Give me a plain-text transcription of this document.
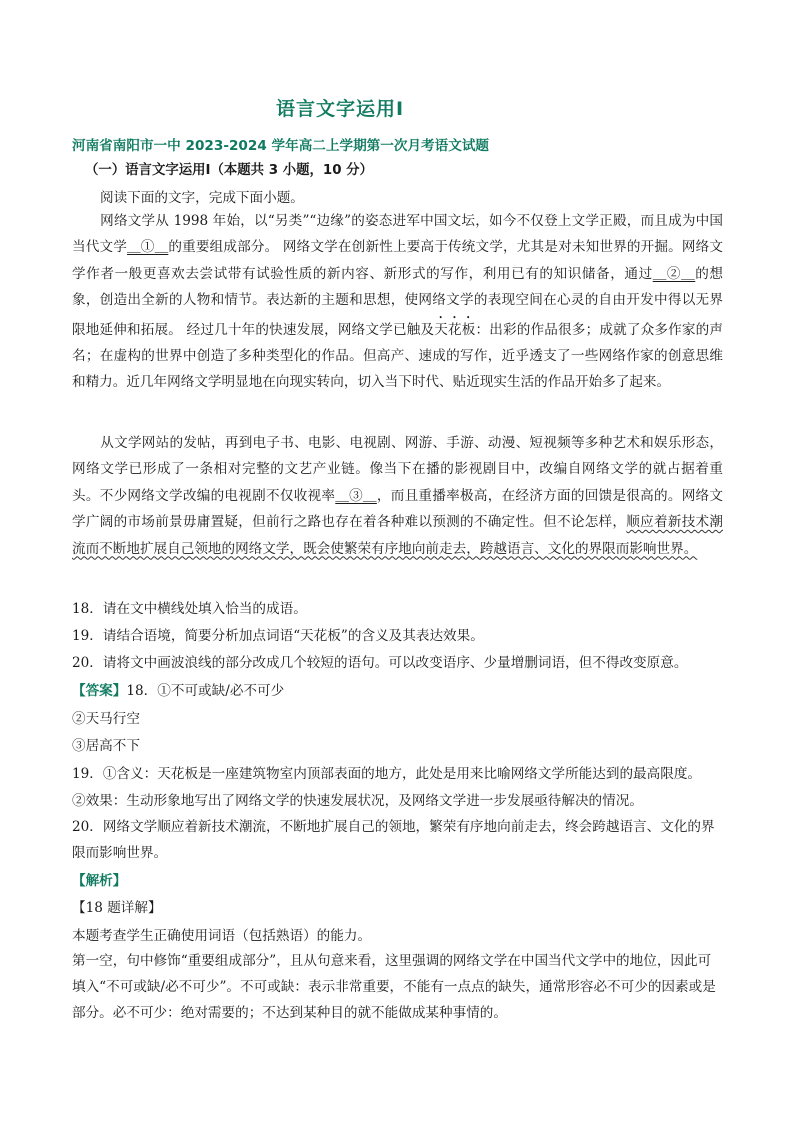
语言文字运用Ⅰ
河南省南阳市一中 2023-2024 学年高二上学期第一次月考语文试题
（一）语言文字运用Ⅰ（本题共 3 小题，10 分）
阅读下面的文字，完成下面小题。
网络文学从 1998 年始，以“另类”“边缘”的姿态进军中国文坛，如今不仅登上文学正殿，而且成为中国当代文学＿①＿的重要组成部分。 网络文学在创新性上要高于传统文学，尤其是对未知世界的开掘。网络文学作者一般更喜欢去尝试带有试验性质的新内容、新形式的写作，利用已有的知识储备，通过＿②＿的想象，创造出全新的人物和情节。表达新的主题和思想，使网络文学的表现空间在心灵的自由开发中得以无界限地延伸和拓展。 经过几十年的快速发展，网络文学已触及天花板：出彩的作品很多；成就了众多作家的声名；在虚构的世界中创造了多种类型化的作品。但高产、速成的写作，近乎透支了一些网络作家的创意思维和精力。近几年网络文学明显地在向现实转向，切入当下时代、贴近现实生活的作品开始多了起来。
从文学网站的发帖，再到电子书、电影、电视剧、网游、手游、动漫、短视频等多种艺术和娱乐形态，网络文学已形成了一条相对完整的文艺产业链。像当下在播的影视剧目中，改编自网络文学的就占据着重头。不少网络文学改编的电视剧不仅收视率＿③＿，而且重播率极高，在经济方面的回馈是很高的。网络文学广阔的市场前景毋庸置疑，但前行之路也存在着各种难以预测的不确定性。但不论怎样，顺应着新技术潮流而不断地扩展自己领地的网络文学，既会使繁荣有序地向前走去，跨越语言、文化的界限而影响世界。
18．请在文中横线处填入恰当的成语。
19．请结合语境，简要分析加点词语“天花板”的含义及其表达效果。
20．请将文中画波浪线的部分改成几个较短的语句。可以改变语序、少量增删词语，但不得改变原意。
【答案】18．①不可或缺/必不可少
②天马行空
③居高不下
19．①含义：天花板是一座建筑物室内顶部表面的地方，此处是用来比喻网络文学所能达到的最高限度。
②效果：生动形象地写出了网络文学的快速发展状况，及网络文学进一步发展亟待解决的情况。
20．网络文学顺应着新技术潮流，不断地扩展自己的领地，繁荣有序地向前走去，终会跨越语言、文化的界限而影响世界。
【解析】
【18 题详解】
本题考查学生正确使用词语（包括熟语）的能力。
第一空，句中修饰“重要组成部分”，且从句意来看，这里强调的网络文学在中国当代文学中的地位，因此可填入“不可或缺/必不可少”。不可或缺：表示非常重要，不能有一点点的缺失，通常形容必不可少的因素或是部分。必不可少：绝对需要的；不达到某种目的就不能做成某种事情的。
